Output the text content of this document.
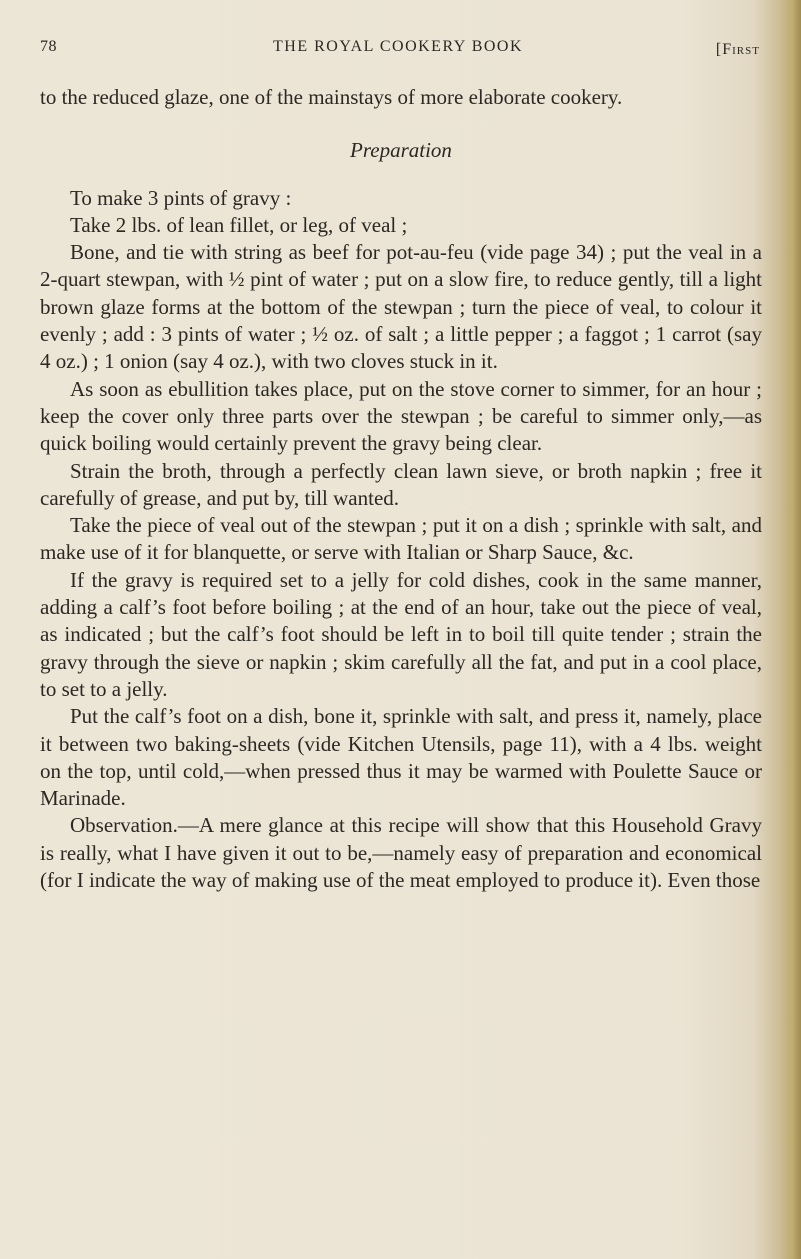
78	THE ROYAL COOKERY BOOK	[First

to the reduced glaze, one of the mainstays of more elaborate cookery.

Preparation

To make 3 pints of gravy :

Take 2 lbs. of lean fillet, or leg, of veal ;

Bone, and tie with string as beef for pot-au-feu (vide page 34) ; put the veal in a 2-quart stewpan, with ½ pint of water ; put on a slow fire, to reduce gently, till a light brown glaze forms at the bottom of the stewpan ; turn the piece of veal, to colour it evenly ; add : 3 pints of water ; ½ oz. of salt ; a little pepper ; a faggot ; 1 carrot (say 4 oz.) ; 1 onion (say 4 oz.), with two cloves stuck in it.

As soon as ebullition takes place, put on the stove corner to simmer, for an hour ; keep the cover only three parts over the stewpan ; be careful to simmer only,—as quick boiling would certainly prevent the gravy being clear.

Strain the broth, through a perfectly clean lawn sieve, or broth napkin ; free it carefully of grease, and put by, till wanted.

Take the piece of veal out of the stewpan ; put it on a dish ; sprinkle with salt, and make use of it for blanquette, or serve with Italian or Sharp Sauce, &c.

If the gravy is required set to a jelly for cold dishes, cook in the same manner, adding a calf’s foot before boiling ; at the end of an hour, take out the piece of veal, as indicated ; but the calf’s foot should be left in to boil till quite tender ; strain the gravy through the sieve or napkin ; skim carefully all the fat, and put in a cool place, to set to a jelly.

Put the calf’s foot on a dish, bone it, sprinkle with salt, and press it, namely, place it between two baking-sheets (vide Kitchen Utensils, page 11), with a 4 lbs. weight on the top, until cold,—when pressed thus it may be warmed with Poulette Sauce or Marinade.

Observation.—A mere glance at this recipe will show that this Household Gravy is really, what I have given it out to be,—namely easy of preparation and economical (for I indicate the way of making use of the meat employed to produce it). Even those
